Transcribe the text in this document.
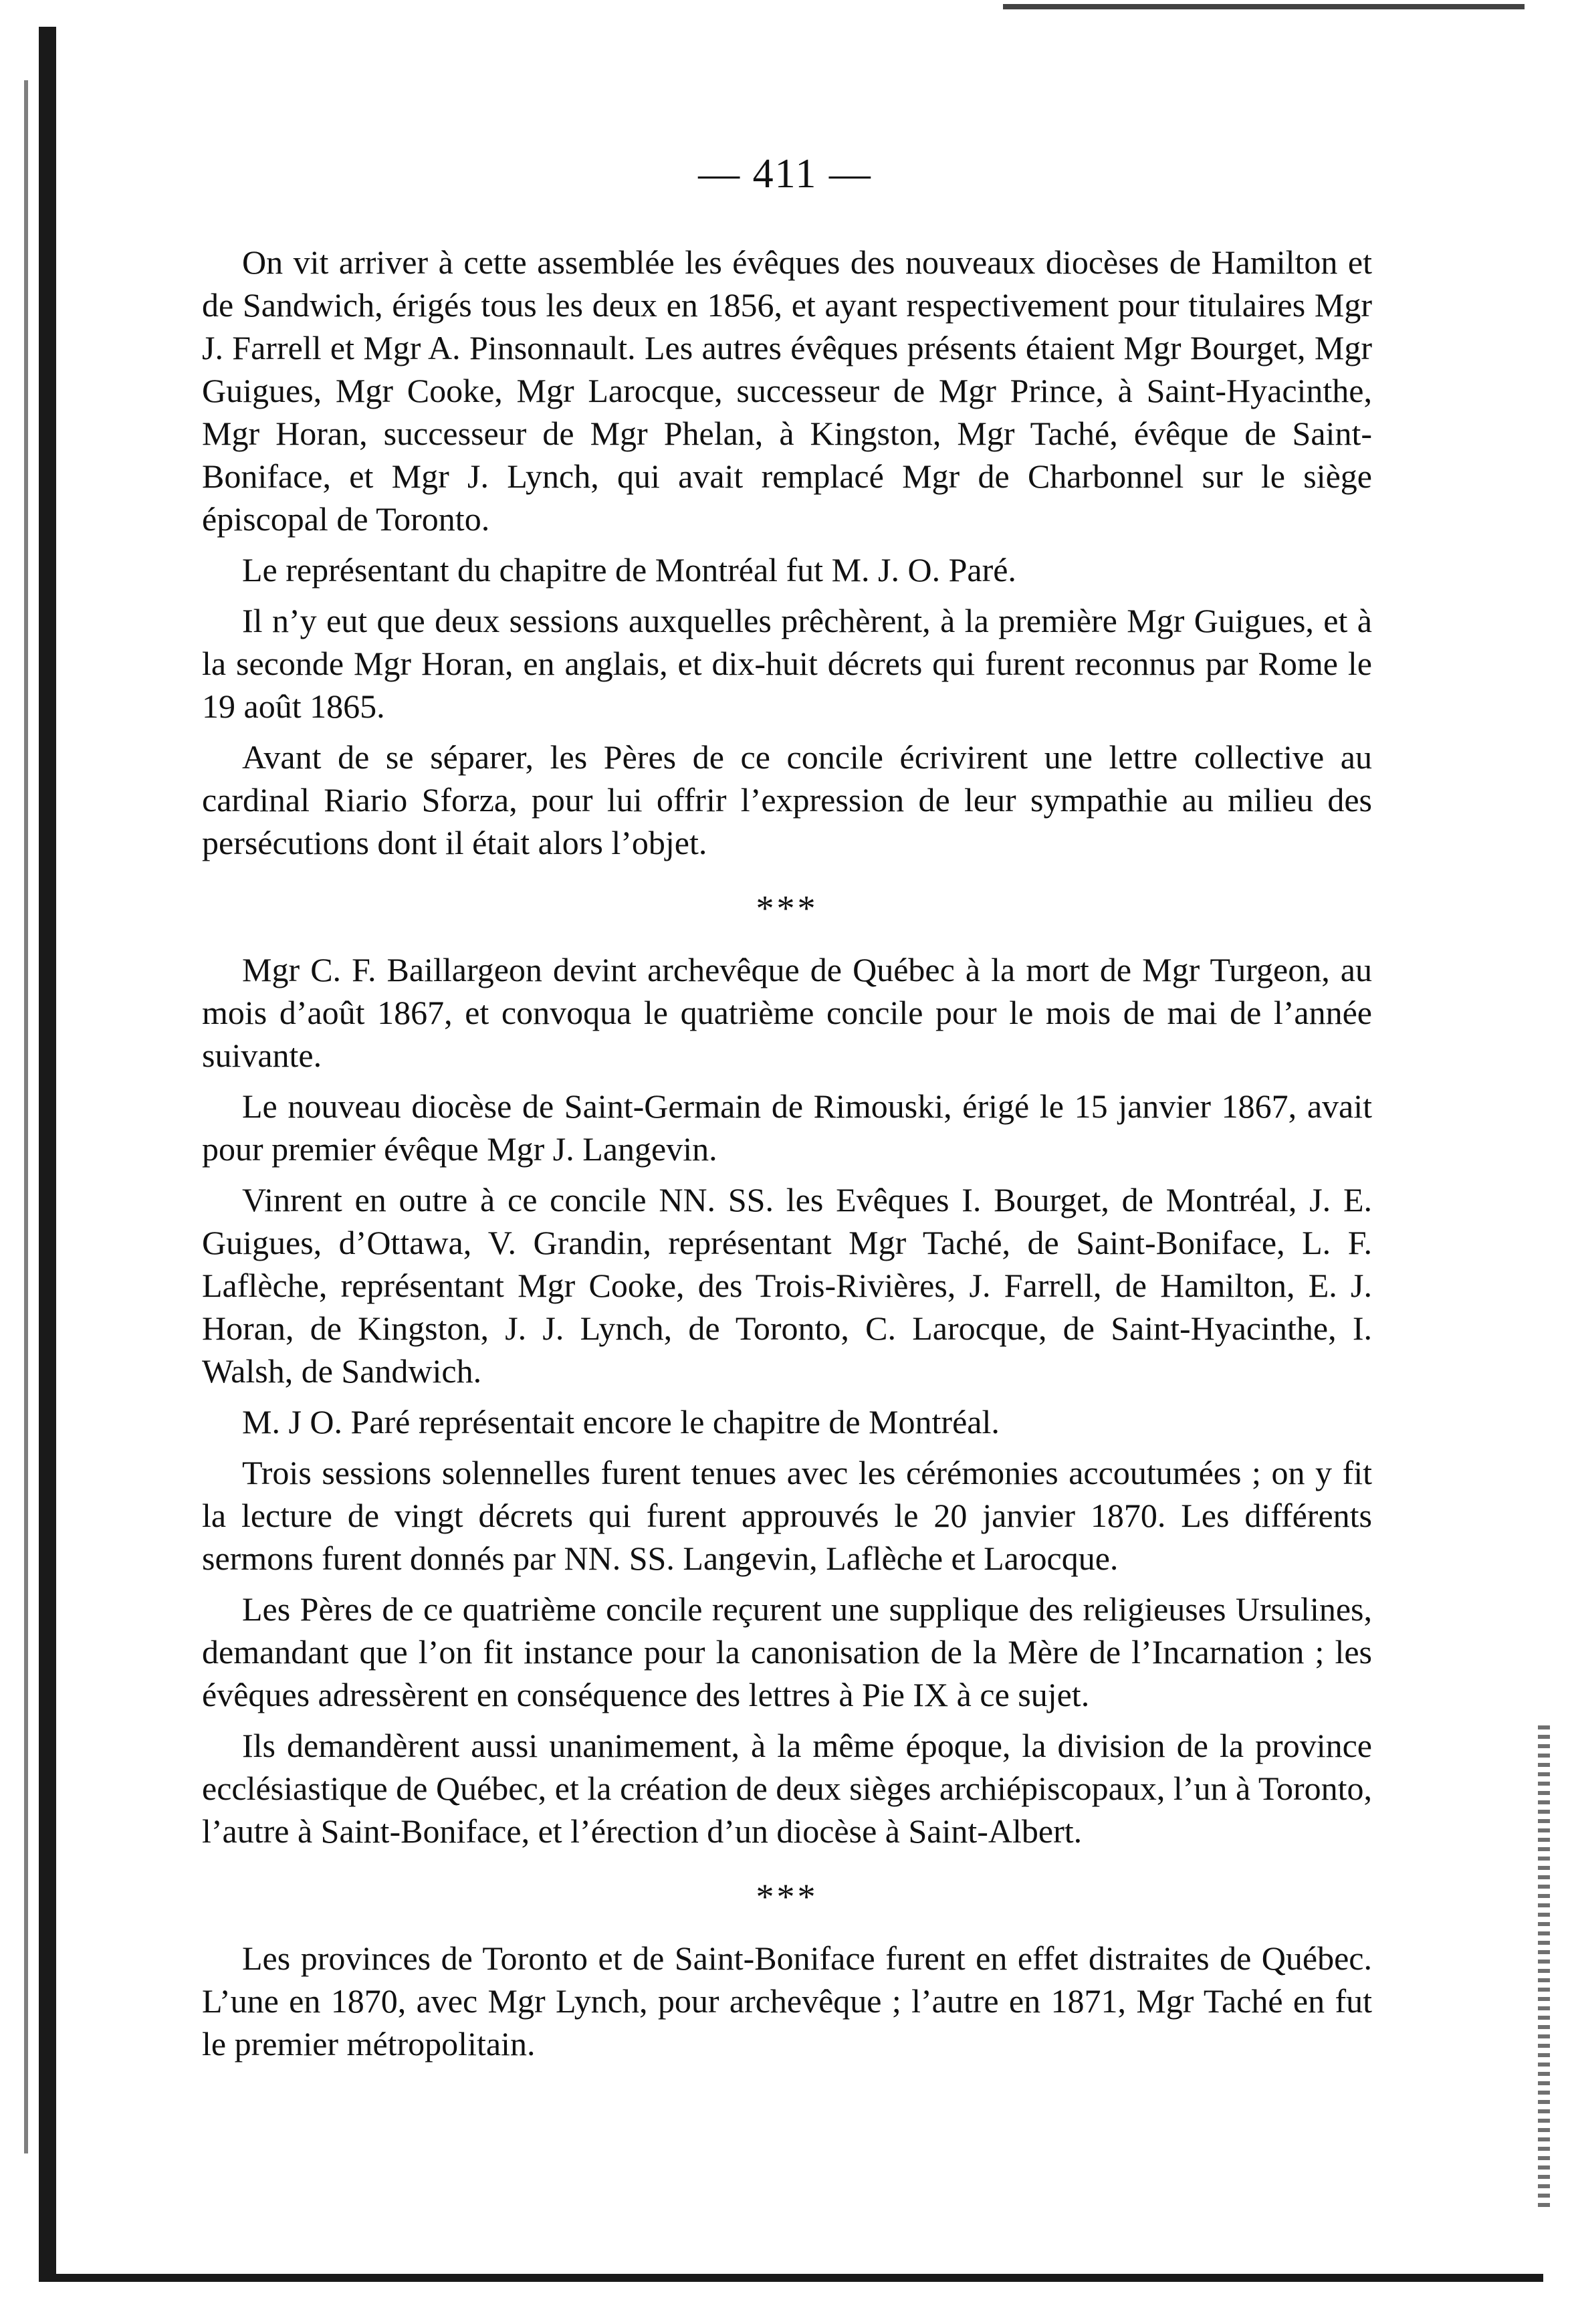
— 411 —

On vit arriver à cette assemblée les évêques des nouveaux diocèses de Hamilton et de Sandwich, érigés tous les deux en 1856, et ayant respectivement pour titulaires Mgr J. Farrell et Mgr A. Pinsonnault. Les autres évêques présents étaient Mgr Bourget, Mgr Guigues, Mgr Cooke, Mgr Larocque, successeur de Mgr Prince, à Saint-Hyacinthe, Mgr Horan, successeur de Mgr Phelan, à Kingston, Mgr Taché, évêque de Saint-Boniface, et Mgr J. Lynch, qui avait remplacé Mgr de Charbonnel sur le siège épiscopal de Toronto.

Le représentant du chapitre de Montréal fut M. J. O. Paré.

Il n’y eut que deux sessions auxquelles prêchèrent, à la première Mgr Guigues, et à la seconde Mgr Horan, en anglais, et dix-huit décrets qui furent reconnus par Rome le 19 août 1865.

Avant de se séparer, les Pères de ce concile écrivirent une lettre collective au cardinal Riario Sforza, pour lui offrir l’expression de leur sympathie au milieu des persécutions dont il était alors l’objet.

***

Mgr C. F. Baillargeon devint archevêque de Québec à la mort de Mgr Turgeon, au mois d’août 1867, et convoqua le quatrième concile pour le mois de mai de l’année suivante.

Le nouveau diocèse de Saint-Germain de Rimouski, érigé le 15 janvier 1867, avait pour premier évêque Mgr J. Langevin.

Vinrent en outre à ce concile NN. SS. les Evêques I. Bourget, de Montréal, J. E. Guigues, d’Ottawa, V. Grandin, représentant Mgr Taché, de Saint-Boniface, L. F. Laflèche, représentant Mgr Cooke, des Trois-Rivières, J. Farrell, de Hamilton, E. J. Horan, de Kingston, J. J. Lynch, de Toronto, C. Larocque, de Saint-Hyacinthe, I. Walsh, de Sandwich.

M. J O. Paré représentait encore le chapitre de Montréal.

Trois sessions solennelles furent tenues avec les cérémonies accoutumées ; on y fit la lecture de vingt décrets qui furent approuvés le 20 janvier 1870. Les différents sermons furent donnés par NN. SS. Langevin, Laflèche et Larocque.

Les Pères de ce quatrième concile reçurent une supplique des religieuses Ursulines, demandant que l’on fit instance pour la canonisation de la Mère de l’Incarnation ; les évêques adressèrent en conséquence des lettres à Pie IX à ce sujet.

Ils demandèrent aussi unanimement, à la même époque, la division de la province ecclésiastique de Québec, et la création de deux sièges archiépiscopaux, l’un à Toronto, l’autre à Saint-Boniface, et l’érection d’un diocèse à Saint-Albert.

***

Les provinces de Toronto et de Saint-Boniface furent en effet distraites de Québec. L’une en 1870, avec Mgr Lynch, pour archevêque ; l’autre en 1871, Mgr Taché en fut le premier métropolitain.
